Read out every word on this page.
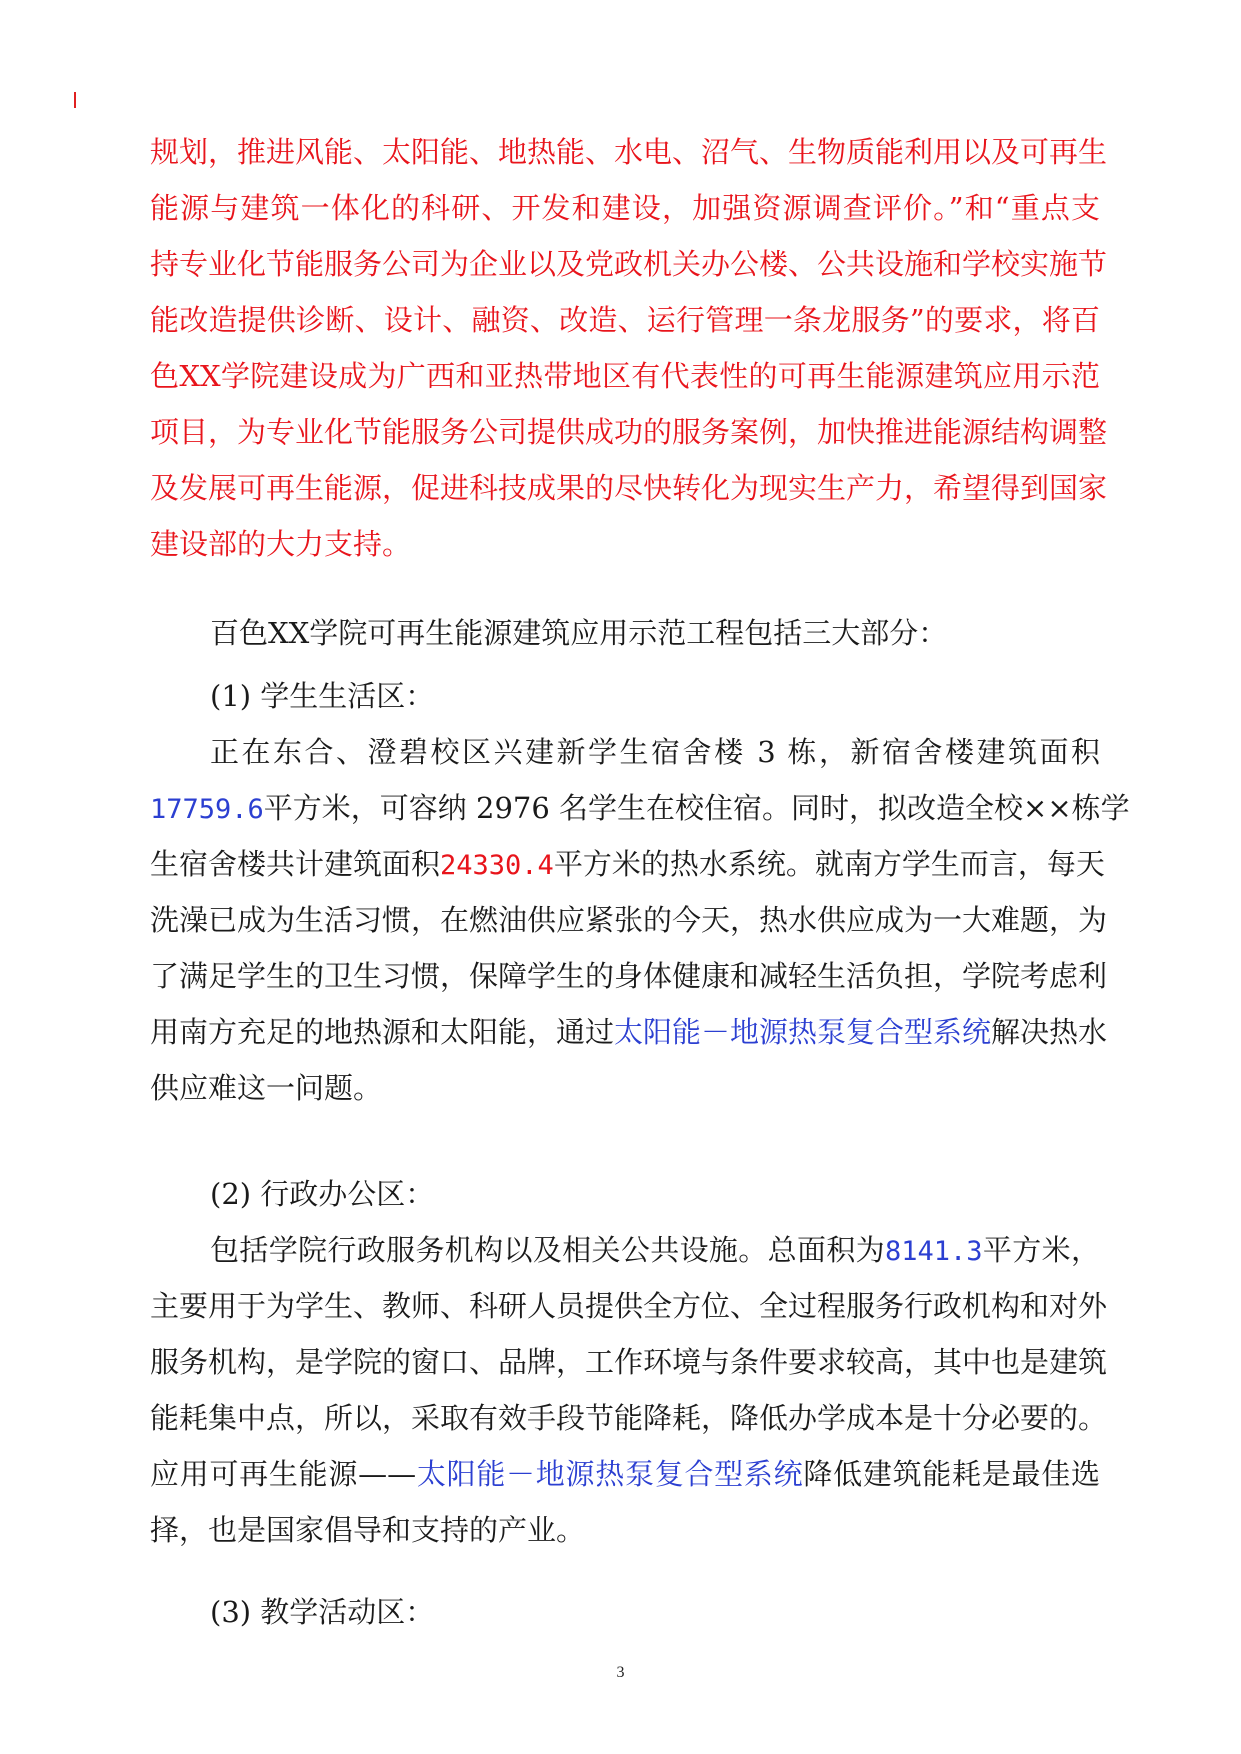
规划，推进风能、太阳能、地热能、水电、沼气、生物质能利用以及可再生
能源与建筑一体化的科研、开发和建设，加强资源调查评价。”和“重点支
持专业化节能服务公司为企业以及党政机关办公楼、公共设施和学校实施节
能改造提供诊断、设计、融资、改造、运行管理一条龙服务”的要求，将百
色XX学院建设成为广西和亚热带地区有代表性的可再生能源建筑应用示范
项目，为专业化节能服务公司提供成功的服务案例，加快推进能源结构调整
及发展可再生能源，促进科技成果的尽快转化为现实生产力，希望得到国家
建设部的大力支持。
百色XX学院可再生能源建筑应用示范工程包括三大部分：
(1) 学生生活区：
正在东合、澄碧校区兴建新学生宿舍楼 3 栋，新宿舍楼建筑面积
17759.6平方米，可容纳 2976 名学生在校住宿。同时，拟改造全校××栋学
生宿舍楼共计建筑面积24330.4平方米的热水系统。就南方学生而言，每天
洗澡已成为生活习惯，在燃油供应紧张的今天，热水供应成为一大难题，为
了满足学生的卫生习惯，保障学生的身体健康和减轻生活负担，学院考虑利
用南方充足的地热源和太阳能，通过太阳能－地源热泵复合型系统解决热水
供应难这一问题。
(2) 行政办公区：
包括学院行政服务机构以及相关公共设施。总面积为8141.3平方米，
主要用于为学生、教师、科研人员提供全方位、全过程服务行政机构和对外
服务机构，是学院的窗口、品牌，工作环境与条件要求较高，其中也是建筑
能耗集中点，所以，采取有效手段节能降耗，降低办学成本是十分必要的。
应用可再生能源——太阳能－地源热泵复合型系统降低建筑能耗是最佳选
择，也是国家倡导和支持的产业。
(3) 教学活动区：
3
